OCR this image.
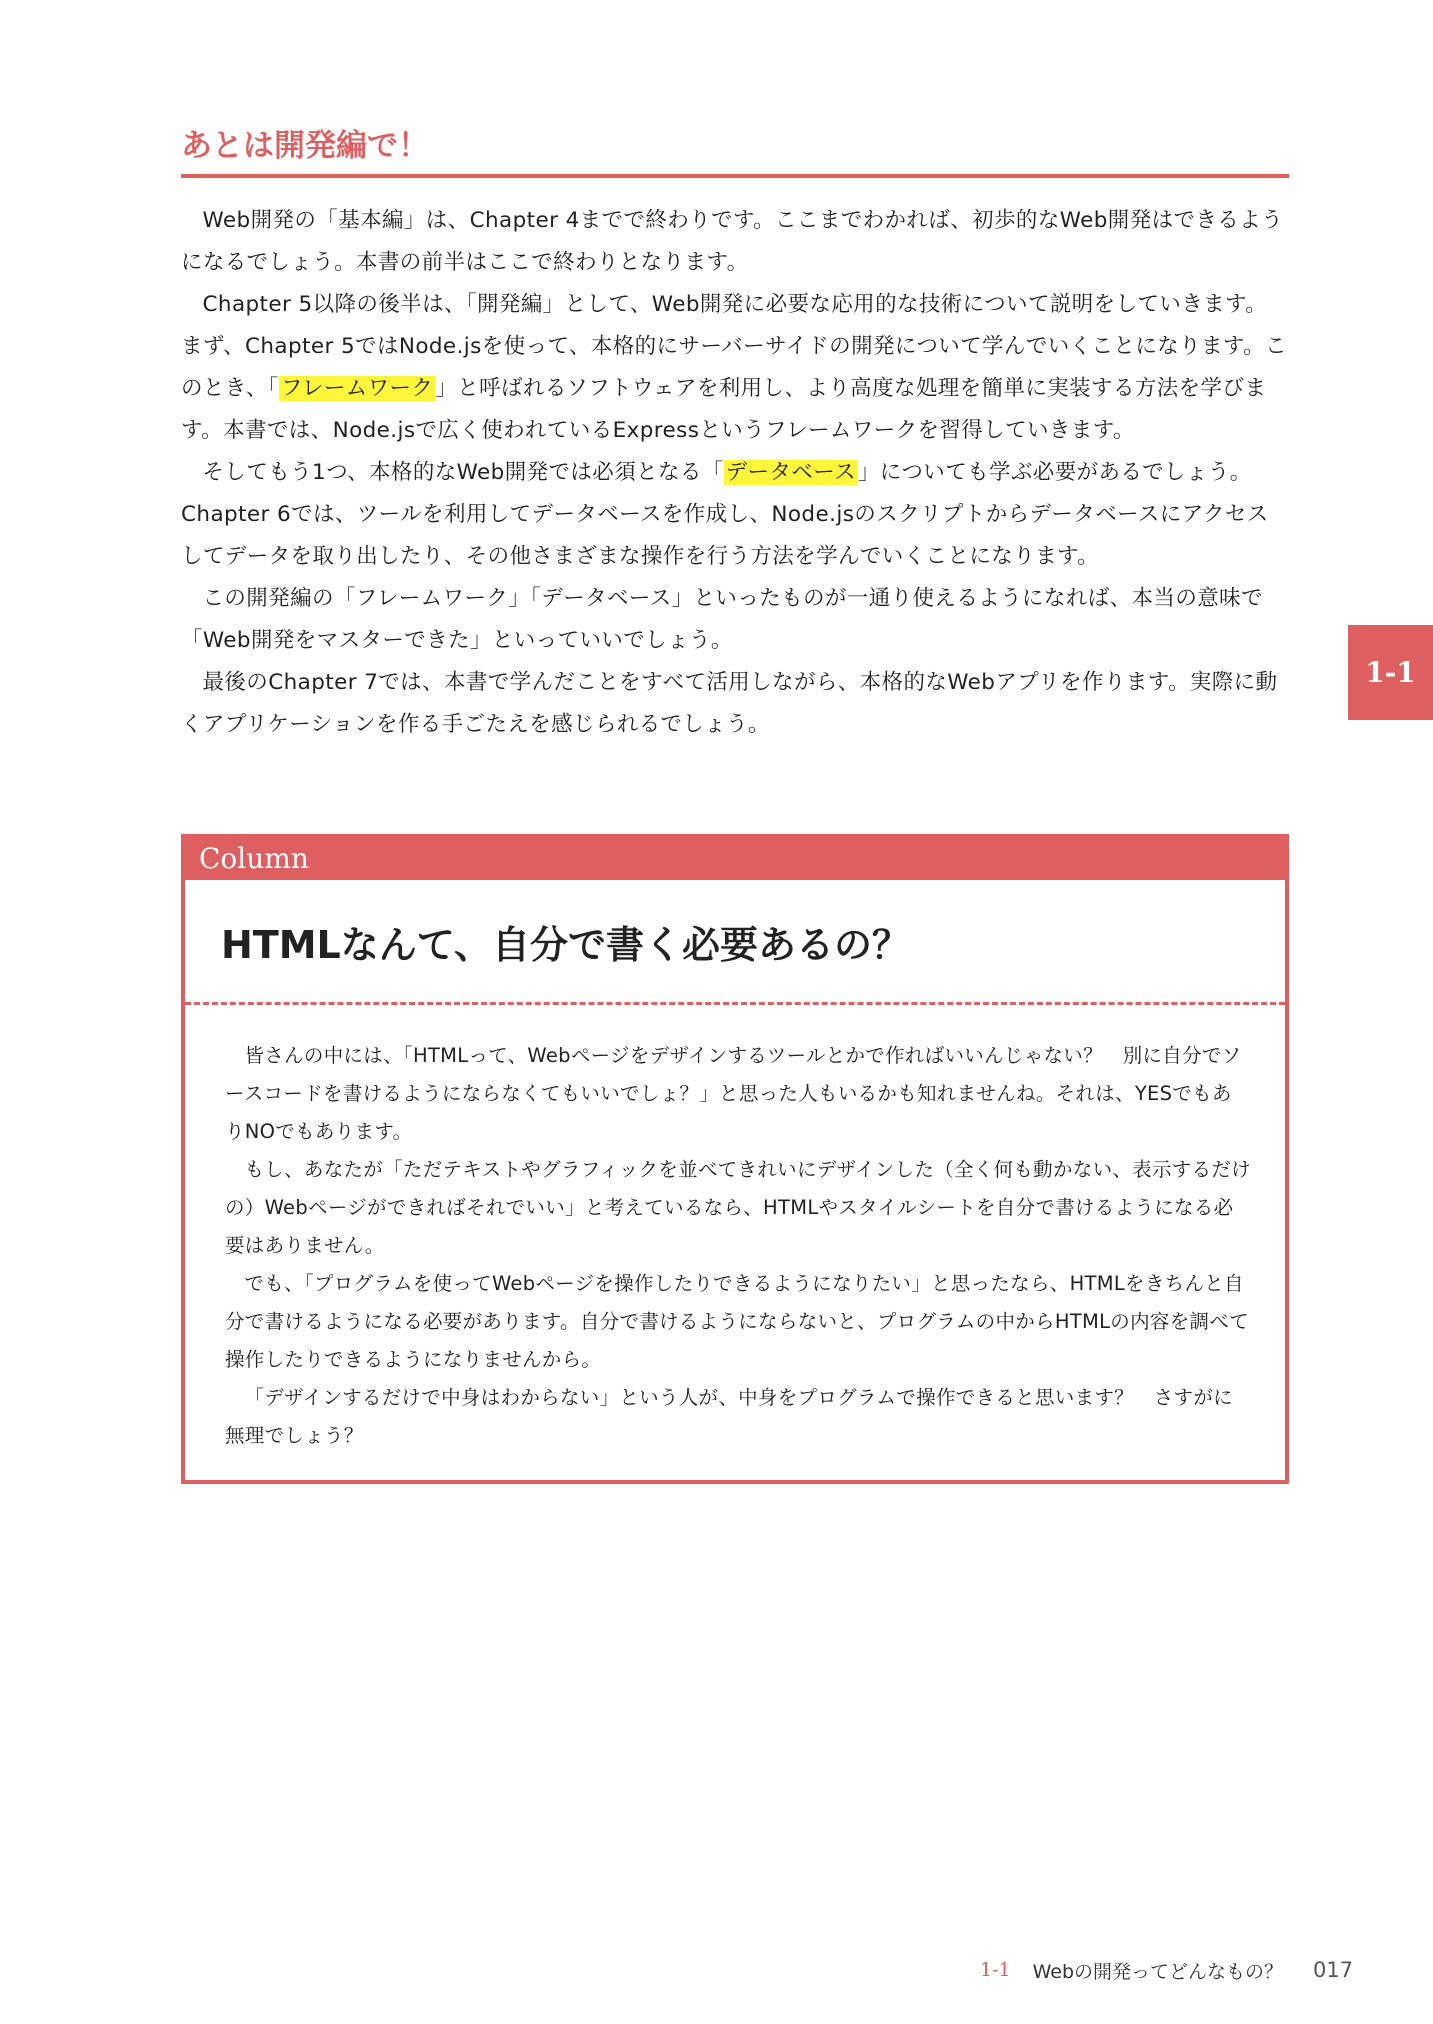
あとは開発編で！

Web開発の「基本編」は、Chapter 4までで終わりです。ここまでわかれば、初歩的なWeb開発はできるようになるでしょう。本書の前半はここで終わりとなります。

Chapter 5以降の後半は、「開発編」として、Web開発に必要な応用的な技術について説明をしていきます。まず、Chapter 5ではNode.jsを使って、本格的にサーバーサイドの開発について学んでいくことになります。このとき、「フレームワーク」と呼ばれるソフトウェアを利用し、より高度な処理を簡単に実装する方法を学びます。本書では、Node.jsで広く使われているExpressというフレームワークを習得していきます。

そしてもう1つ、本格的なWeb開発では必須となる「データベース」についても学ぶ必要があるでしょう。Chapter 6では、ツールを利用してデータベースを作成し、Node.jsのスクリプトからデータベースにアクセスしてデータを取り出したり、その他さまざまな操作を行う方法を学んでいくことになります。

この開発編の「フレームワーク」「データベース」といったものが一通り使えるようになれば、本当の意味で「Web開発をマスターできた」といっていいでしょう。

最後のChapter 7では、本書で学んだことをすべて活用しながら、本格的なWebアプリを作ります。実際に動くアプリケーションを作る手ごたえを感じられるでしょう。

1-1
Column
HTMLなんて、自分で書く必要あるの？

皆さんの中には、「HTMLって、Webページをデザインするツールとかで作ればいいんじゃない？　別に自分でソースコードを書けるようにならなくてもいいでしょ？」と思った人もいるかも知れませんね。それは、YESでもありNOでもあります。

もし、あなたが「ただテキストやグラフィックを並べてきれいにデザインした（全く何も動かない、表示するだけの）Webページができればそれでいい」と考えているなら、HTMLやスタイルシートを自分で書けるようになる必要はありません。

でも、「プログラムを使ってWebページを操作したりできるようになりたい」と思ったなら、HTMLをきちんと自分で書けるようになる必要があります。自分で書けるようにならないと、プログラムの中からHTMLの内容を調べて操作したりできるようになりませんから。

「デザインするだけで中身はわからない」という人が、中身をプログラムで操作できると思います？　さすがに無理でしょう？

1-1 Webの開発ってどんなもの？ 017
